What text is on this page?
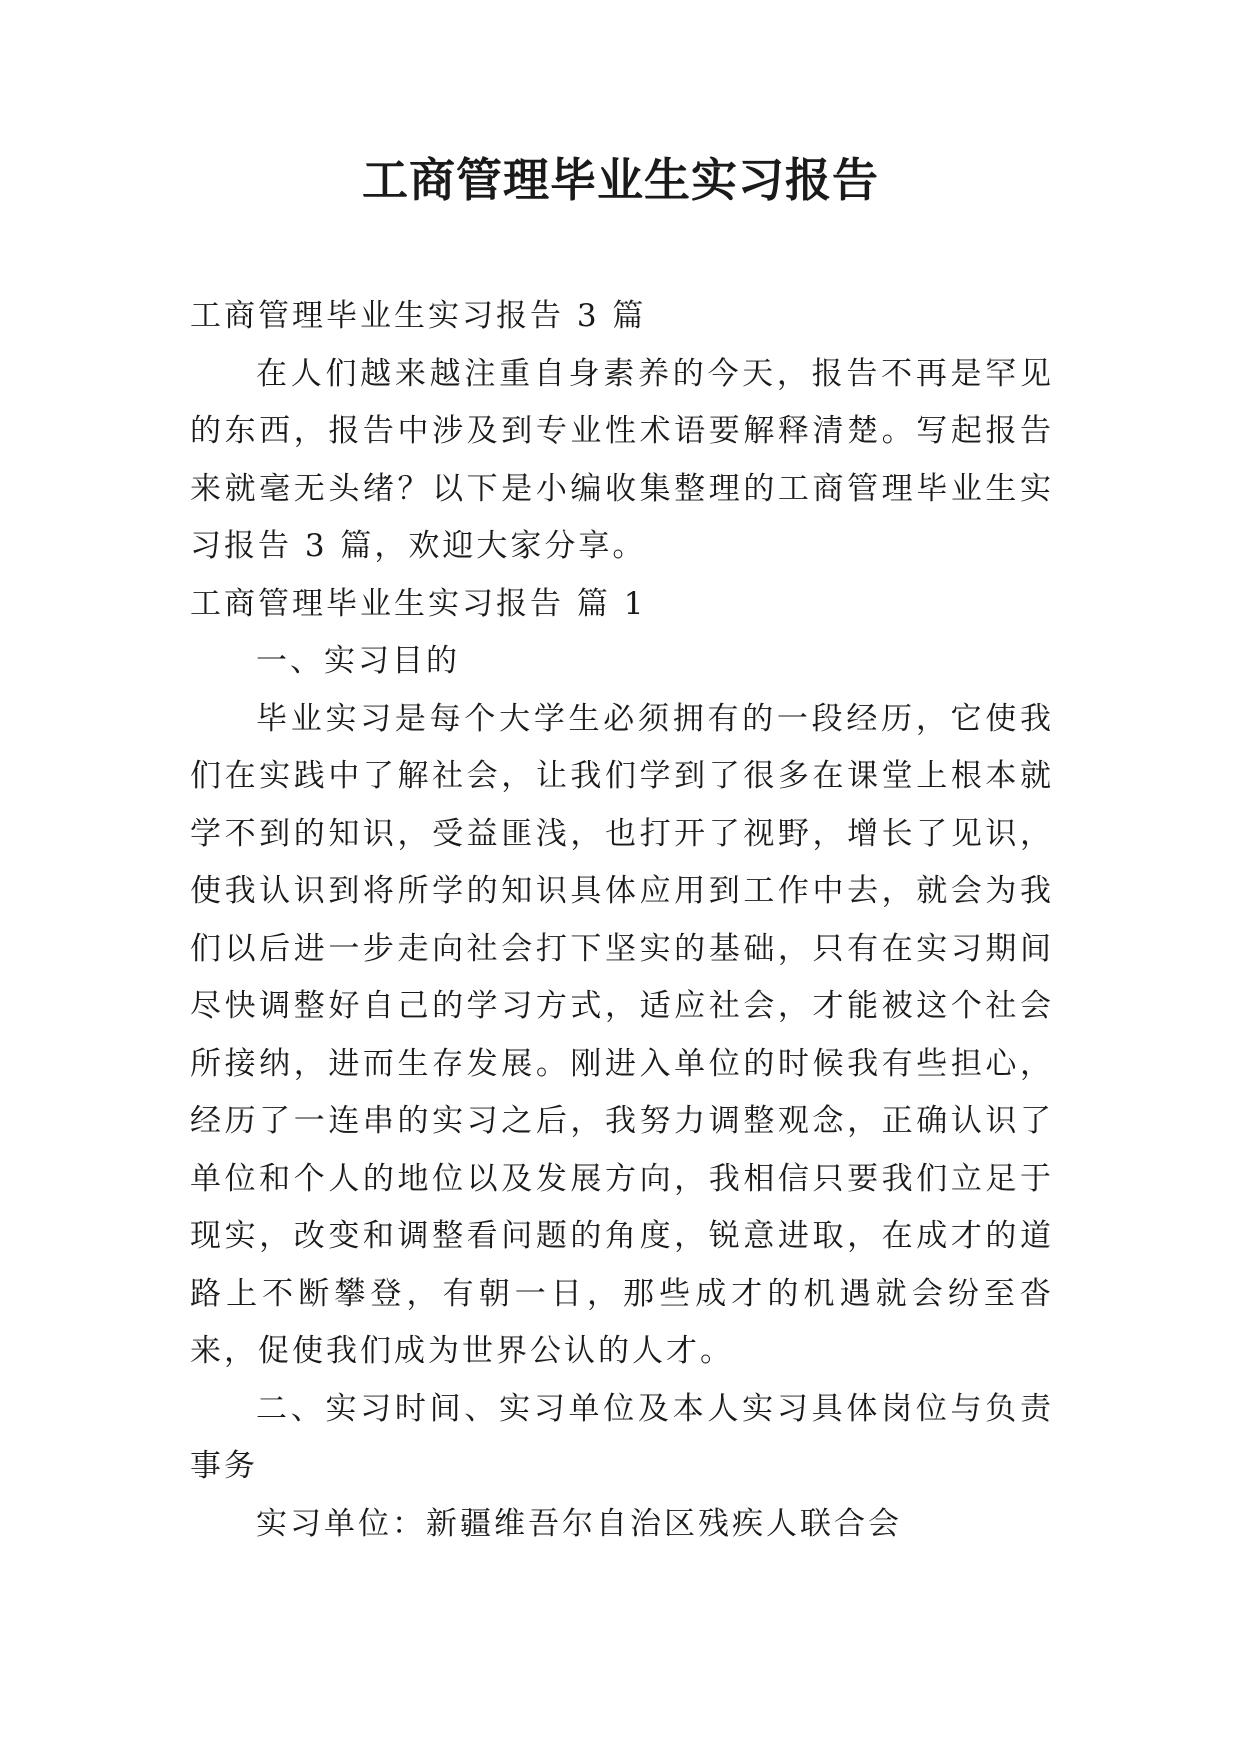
工商管理毕业生实习报告

工商管理毕业生实习报告 3 篇

在人们越来越注重自身素养的今天，报告不再是罕见的东西，报告中涉及到专业性术语要解释清楚。写起报告来就毫无头绪？以下是小编收集整理的工商管理毕业生实习报告 3 篇，欢迎大家分享。

工商管理毕业生实习报告 篇 1

一、实习目的

毕业实习是每个大学生必须拥有的一段经历，它使我们在实践中了解社会，让我们学到了很多在课堂上根本就学不到的知识，受益匪浅，也打开了视野，增长了见识，使我认识到将所学的知识具体应用到工作中去，就会为我们以后进一步走向社会打下坚实的基础，只有在实习期间尽快调整好自己的学习方式，适应社会，才能被这个社会所接纳，进而生存发展。刚进入单位的时候我有些担心，经历了一连串的实习之后，我努力调整观念，正确认识了单位和个人的地位以及发展方向，我相信只要我们立足于现实，改变和调整看问题的角度，锐意进取，在成才的道路上不断攀登，有朝一日，那些成才的机遇就会纷至沓来，促使我们成为世界公认的人才。

二、实习时间、实习单位及本人实习具体岗位与负责事务

实习单位：新疆维吾尔自治区残疾人联合会
